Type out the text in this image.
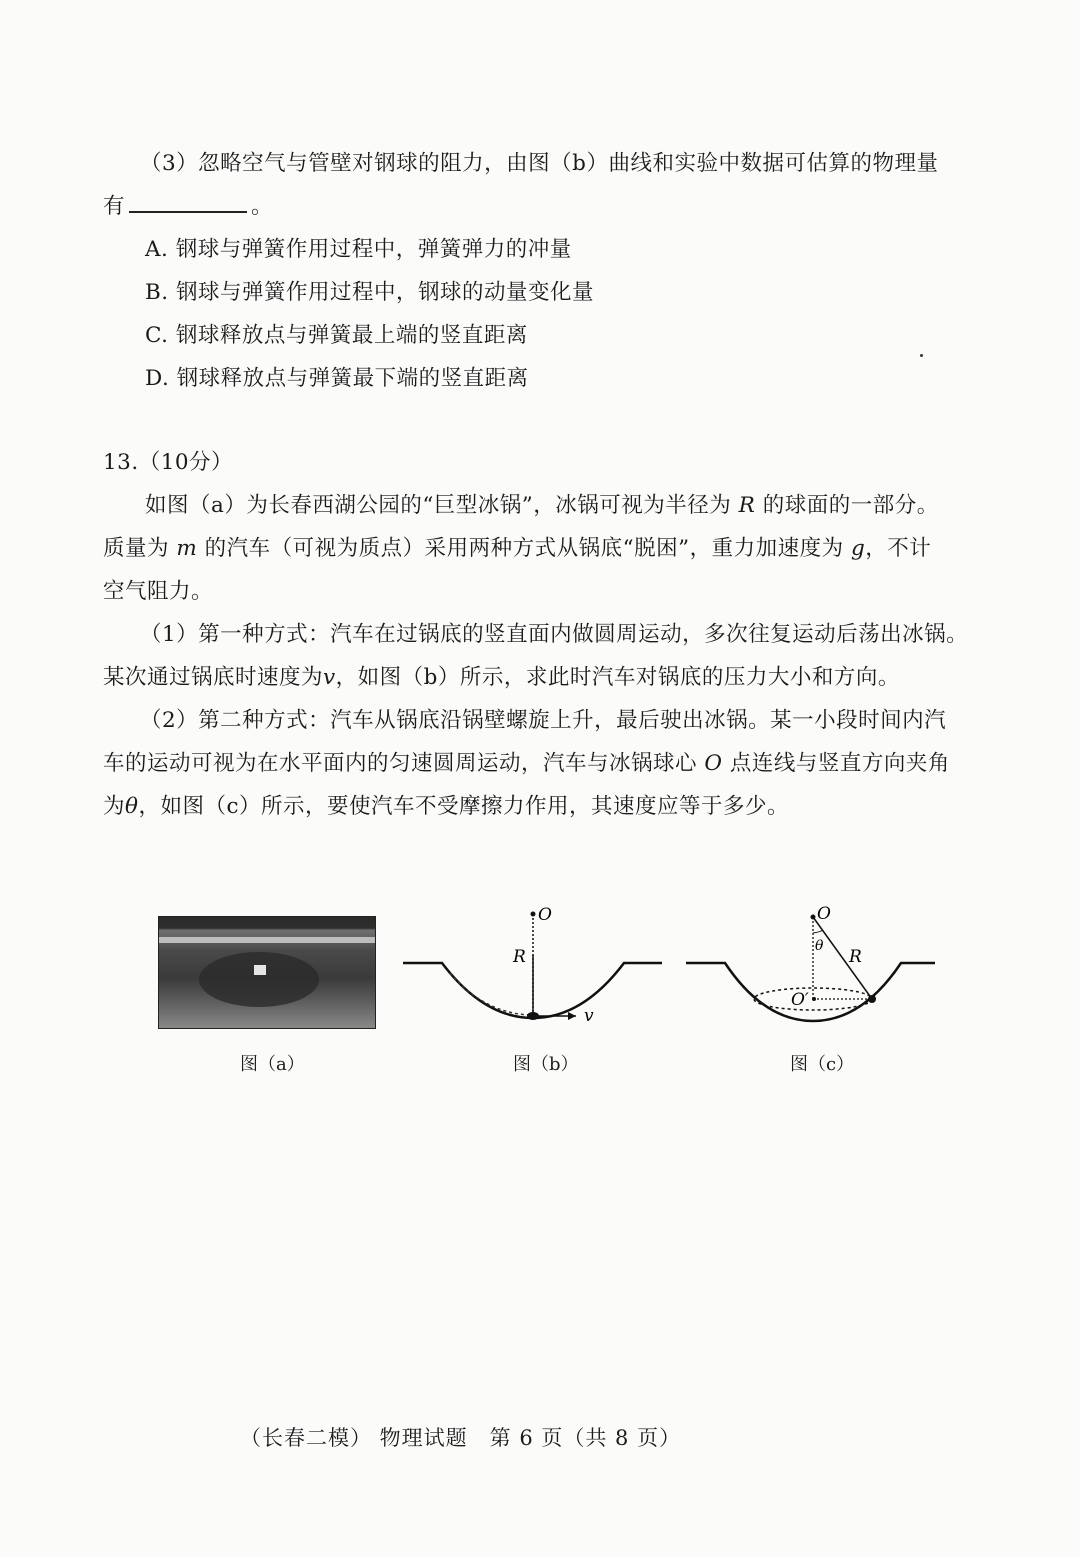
（3）忽略空气与管壁对钢球的阻力，由图（b）曲线和实验中数据可估算的物理量
有	。
A. 钢球与弹簧作用过程中，弹簧弹力的冲量
B. 钢球与弹簧作用过程中，钢球的动量变化量
C. 钢球释放点与弹簧最上端的竖直距离
D. 钢球释放点与弹簧最下端的竖直距离
13.（10分）
如图（a）为长春西湖公园的“巨型冰锅”，冰锅可视为半径为 R 的球面的一部分。
质量为 m 的汽车（可视为质点）采用两种方式从锅底“脱困”，重力加速度为 g，不计
空气阻力。
（1）第一种方式：汽车在过锅底的竖直面内做圆周运动，多次往复运动后荡出冰锅。
某次通过锅底时速度为v，如图（b）所示，求此时汽车对锅底的压力大小和方向。
（2）第二种方式：汽车从锅底沿锅壁螺旋上升，最后驶出冰锅。某一小段时间内汽
车的运动可视为在水平面内的匀速圆周运动，汽车与冰锅球心 O 点连线与竖直方向夹角
为θ，如图（c）所示，要使汽车不受摩擦力作用，其速度应等于多少。
图（a）
O
R
v
图（b）
O
θ
R
O′
图（c）
（长春二模） 物理试题　第 6 页（共 8 页）
